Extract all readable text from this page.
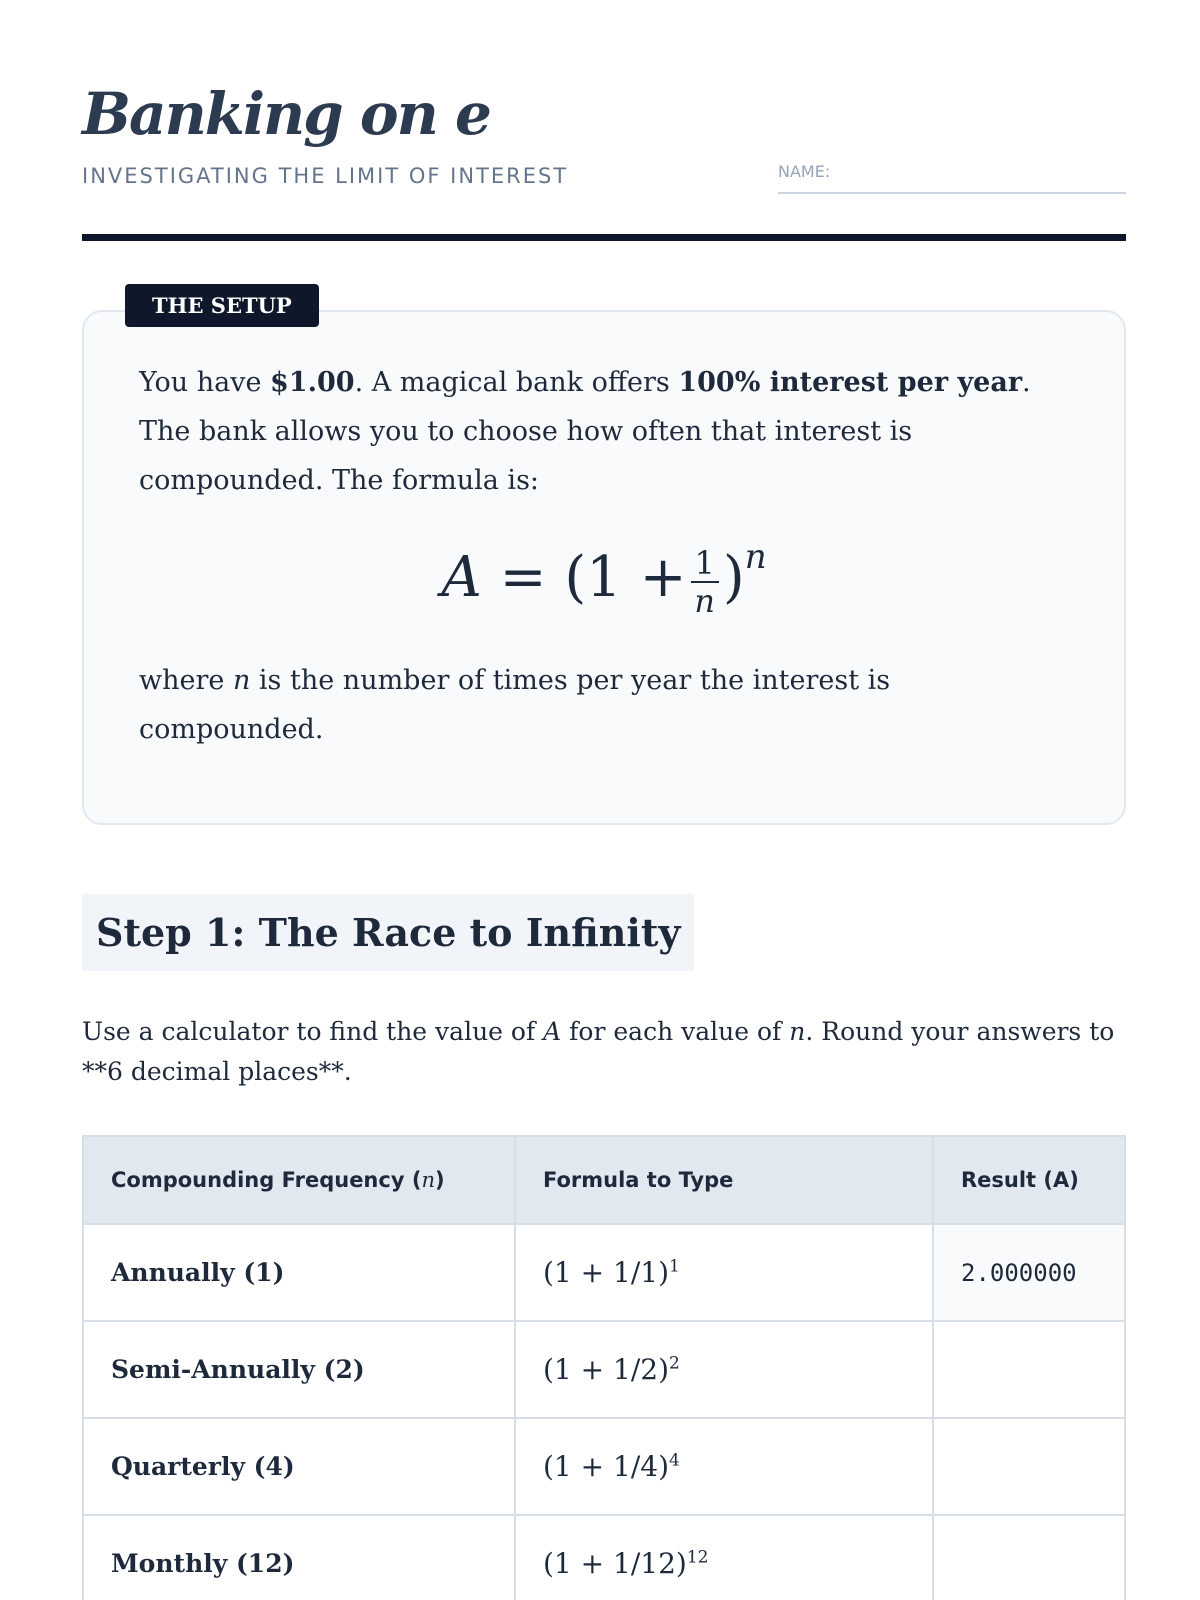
Banking on e
INVESTIGATING THE LIMIT OF INTEREST	NAME:

You have $1.00. A magical bank offers 100% interest per year. The bank allows you to choose how often that interest is compounded. The formula is:

$A = (1 + \frac{1}{n})^n$

where n is the number of times per year the interest is compounded.

THE SETUP
Step 1: The Race to Infinity

Use a calculator to find the value of A for each value of n. Round your answers to **6 decimal places**.

Compounding Frequency (n)	Formula to Type	Result (A)
Annually (1)	$(1 + 1/1)^1$	2.000000
Semi-Annually (2)	$(1 + 1/2)^2$	
Quarterly (4)	$(1 + 1/4)^4$	
Monthly (12)	$(1 + 1/12)^{12}$	
